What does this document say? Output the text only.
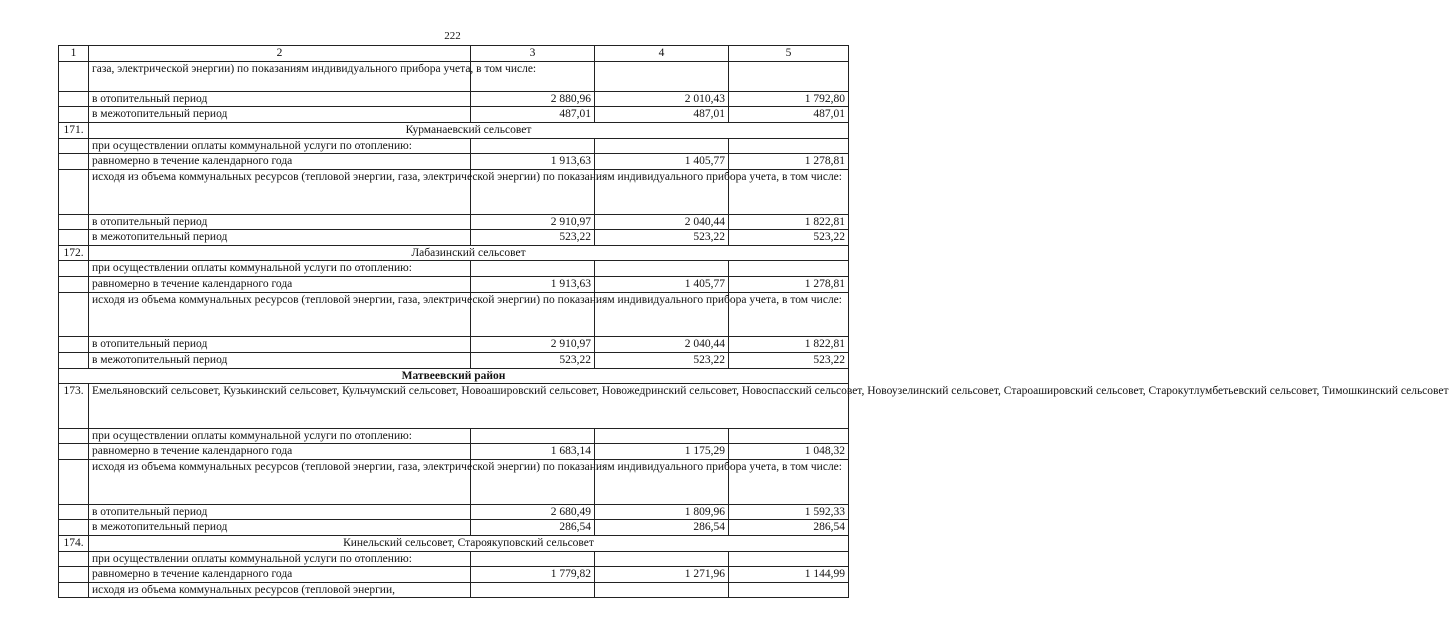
222
1	2	3	4	5
	газа, электрической энергии) по показаниям индивидуального прибора учета, в том числе:			
	в отопительный период	2 880,96	2 010,43	1 792,80
	в межотопительный период	487,01	487,01	487,01
171.	Курманаевский сельсовет			
	при осуществлении оплаты коммунальной услуги по отоплению:			
	равномерно в течение календарного года	1 913,63	1 405,77	1 278,81
	исходя из объема коммунальных ресурсов (тепловой энергии, газа, электрической энергии) по показаниям индивидуального прибора учета, в том числе:			
	в отопительный период	2 910,97	2 040,44	1 822,81
	в межотопительный период	523,22	523,22	523,22
172.	Лабазинский сельсовет			
	при осуществлении оплаты коммунальной услуги по отоплению:			
	равномерно в течение календарного года	1 913,63	1 405,77	1 278,81
	исходя из объема коммунальных ресурсов (тепловой энергии, газа, электрической энергии) по показаниям индивидуального прибора учета, в том числе:			
	в отопительный период	2 910,97	2 040,44	1 822,81
	в межотопительный период	523,22	523,22	523,22
Матвеевский район				
173.	Емельяновский сельсовет, Кузькинский сельсовет, Кульчумский сельсовет, Новоашировский сельсовет, Новожедринский сельсовет, Новоспасский сельсовет, Новоузелинский сельсовет, Староашировский сельсовет, Старокутлумбетьевский сельсовет, Тимошкинский сельсовет			
	при осуществлении оплаты коммунальной услуги по отоплению:			
	равномерно в течение календарного года	1 683,14	1 175,29	1 048,32
	исходя из объема коммунальных ресурсов (тепловой энергии, газа, электрической энергии) по показаниям индивидуального прибора учета, в том числе:			
	в отопительный период	2 680,49	1 809,96	1 592,33
	в межотопительный период	286,54	286,54	286,54
174.	Кинельский сельсовет, Староякуповский сельсовет			
	при осуществлении оплаты коммунальной услуги по отоплению:			
	равномерно в течение календарного года	1 779,82	1 271,96	1 144,99
	исходя из объема коммунальных ресурсов (тепловой энергии,			
